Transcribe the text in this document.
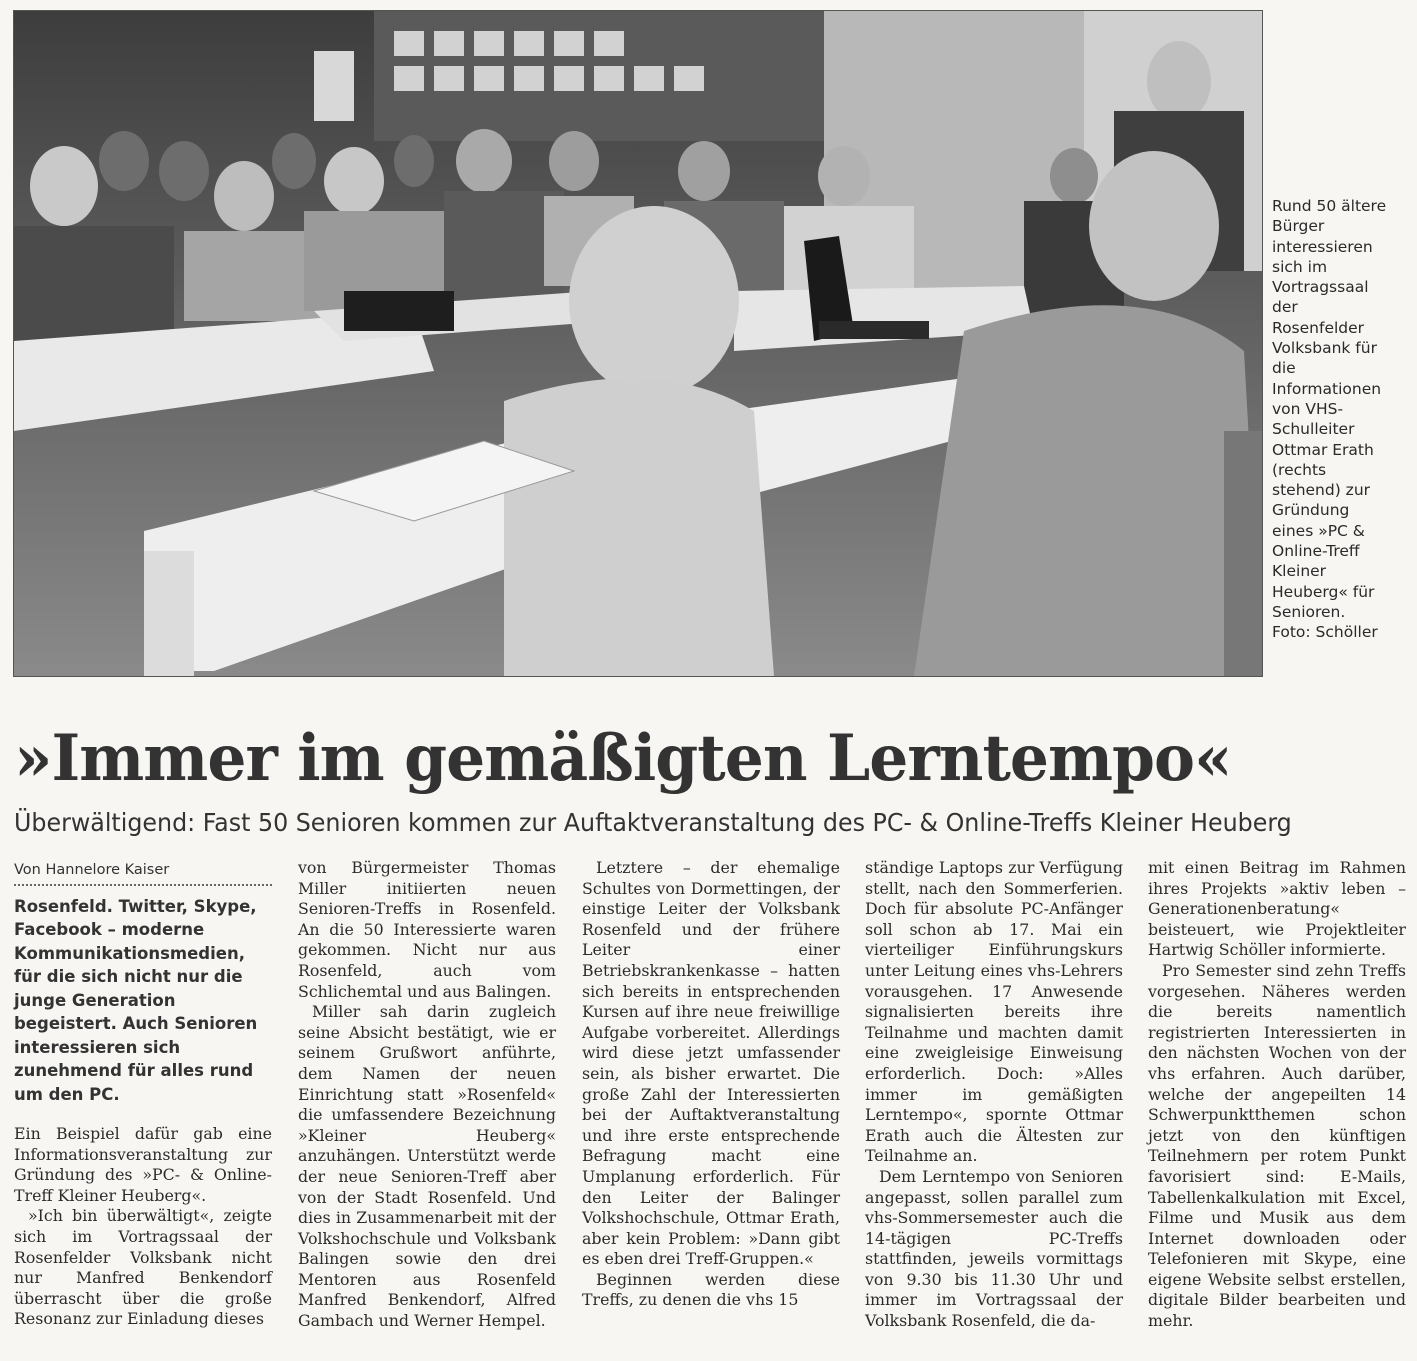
Rund 50 ältere Bürger interessieren sich im Vortragssaal der Rosenfelder Volksbank für die Informationen von VHS-Schulleiter Ottmar Erath (rechts stehend) zur Gründung eines »PC & Online-Treff Kleiner Heuberg« für Senioren.

Foto: Schöller

»Immer im gemäßigten Lerntempo«
Überwältigend: Fast 50 Senioren kommen zur Auftaktveranstaltung des PC- & Online-Treffs Kleiner Heuberg
Von Hannelore Kaiser

Rosenfeld. Twitter, Skype, Facebook – moderne Kommunikationsmedien, für die sich nicht nur die junge Generation begeistert. Auch Senioren interessieren sich zunehmend für alles rund um den PC.

Ein Beispiel dafür gab eine Informationsveranstaltung zur Gründung des »PC- & Online-Treff Kleiner Heuberg«.

»Ich bin überwältigt«, zeigte sich im Vortragssaal der Rosenfelder Volksbank nicht nur Manfred Benkendorf überrascht über die große Resonanz zur Einladung dieses

von Bürgermeister Thomas Miller initiierten neuen Senioren-Treffs in Rosenfeld. An die 50 Interessierte waren gekommen. Nicht nur aus Rosenfeld, auch vom Schlichemtal und aus Balingen.

Miller sah darin zugleich seine Absicht bestätigt, wie er seinem Grußwort anführte, dem Namen der neuen Einrichtung statt »Rosenfeld« die umfassendere Bezeichnung »Kleiner Heuberg« anzuhängen. Unterstützt werde der neue Senioren-Treff aber von der Stadt Rosenfeld. Und dies in Zusammenarbeit mit der Volkshochschule und Volksbank Balingen sowie den drei Mentoren aus Rosenfeld Manfred Benkendorf, Alfred Gambach und Werner Hempel.

Letztere – der ehemalige Schultes von Dormettingen, der einstige Leiter der Volksbank Rosenfeld und der frühere Leiter einer Betriebskrankenkasse – hatten sich bereits in entsprechenden Kursen auf ihre neue freiwillige Aufgabe vorbereitet. Allerdings wird diese jetzt umfassender sein, als bisher erwartet. Die große Zahl der Interessierten bei der Auftaktveranstaltung und ihre erste entsprechende Befragung macht eine Umplanung erforderlich. Für den Leiter der Balinger Volkshochschule, Ottmar Erath, aber kein Problem: »Dann gibt es eben drei Treff-Gruppen.«

Beginnen werden diese Treffs, zu denen die vhs 15

ständige Laptops zur Verfügung stellt, nach den Sommerferien. Doch für absolute PC-Anfänger soll schon ab 17. Mai ein vierteiliger Einführungskurs unter Leitung eines vhs-Lehrers vorausgehen. 17 Anwesende signalisierten bereits ihre Teilnahme und machten damit eine zweigleisige Einweisung erforderlich. Doch: »Alles immer im gemäßigten Lerntempo«, spornte Ottmar Erath auch die Ältesten zur Teilnahme an.

Dem Lerntempo von Senioren angepasst, sollen parallel zum vhs-Sommersemester auch die 14-tägigen PC-Treffs stattfinden, jeweils vormittags von 9.30 bis 11.30 Uhr und immer im Vortragssaal der Volksbank Rosenfeld, die da-

mit einen Beitrag im Rahmen ihres Projekts »aktiv leben – Generationenberatung« beisteuert, wie Projektleiter Hartwig Schöller informierte.

Pro Semester sind zehn Treffs vorgesehen. Näheres werden die bereits namentlich registrierten Interessierten in den nächsten Wochen von der vhs erfahren. Auch darüber, welche der angepeilten 14 Schwerpunktthemen schon jetzt von den künftigen Teilnehmern per rotem Punkt favorisiert sind: E-Mails, Tabellenkalkulation mit Excel, Filme und Musik aus dem Internet downloaden oder Telefonieren mit Skype, eine eigene Website selbst erstellen, digitale Bilder bearbeiten und mehr.
